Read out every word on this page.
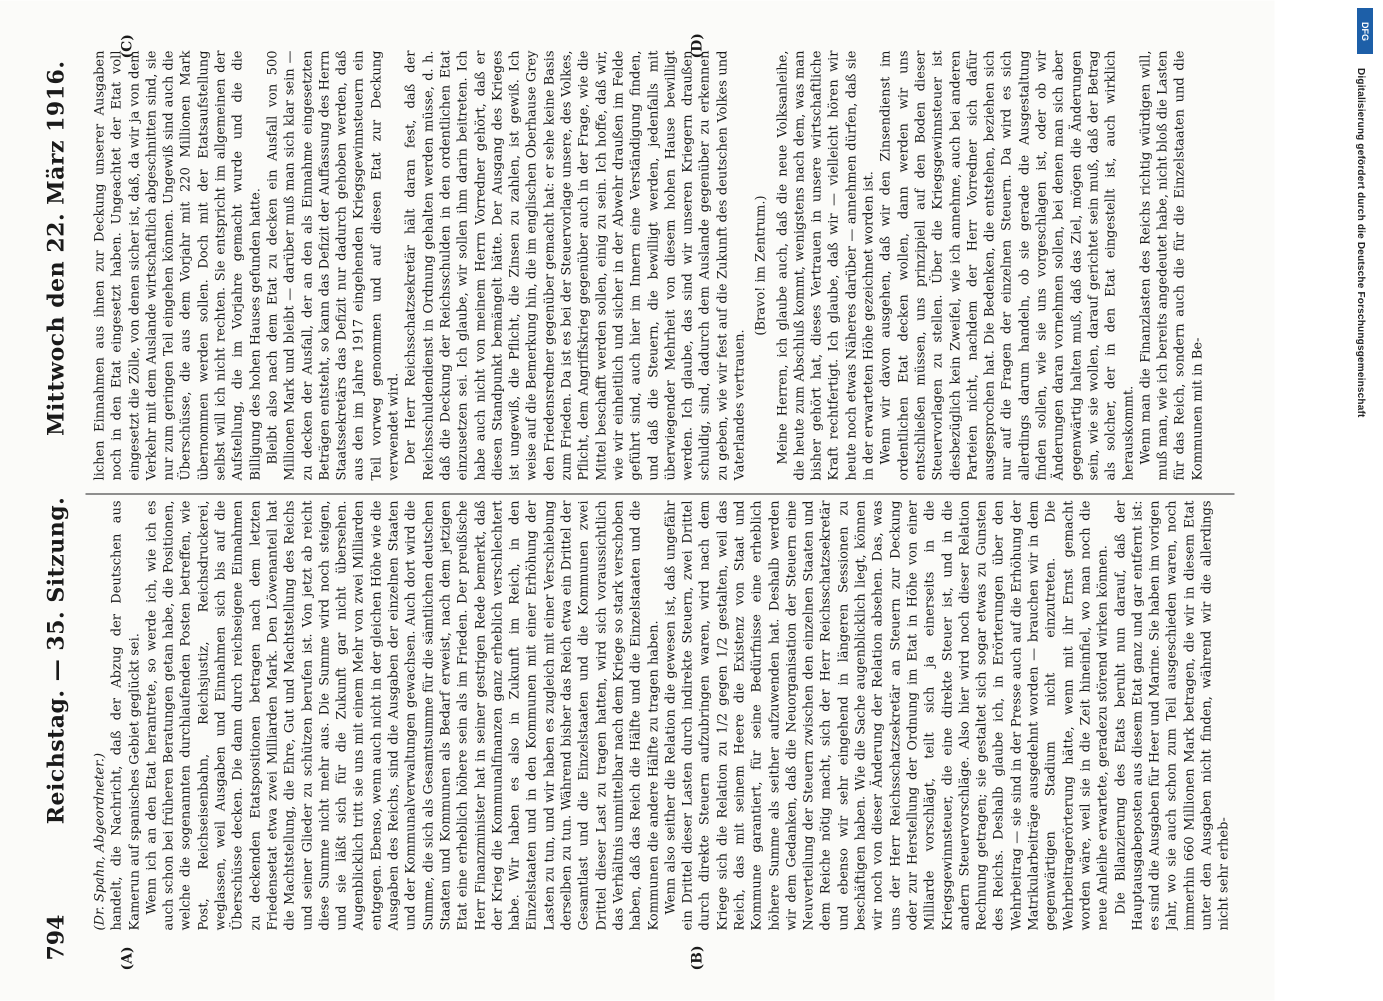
794
Reichstag. — 35. Sitzung.
Mittwoch den 22. März 1916.
(A)	(B)
(C)	(D)

(Dr. Spahn, Abgeordneter.) handelt, die Nachricht, daß der Abzug der Deutschen aus Kamerun auf spanisches Gebiet geglückt sei. Wenn ich an den Etat herantrete, so werde ich, wie ich es auch schon bei früheren Beratungen getan habe, die Positionen, welche die sogenannten durchlaufenden Posten betreffen, wie Post, Reichseisenbahn, Reichsjustiz, Reichsdruckerei, weglassen, weil Ausgaben und Einnahmen sich bis auf die Überschüsse decken. Die dann durch reichseigene Einnahmen zu deckenden Etatspositionen betragen nach dem letzten Friedensetat etwa zwei Milliarden Mark. Den Löwenanteil hat die Machtstellung, die Ehre, Gut und Machtstellung des Reichs und seiner Glieder zu schützen berufen ist. Von jetzt ab reicht diese Summe nicht mehr aus. Die Summe wird noch steigen, und sie läßt sich für die Zukunft gar nicht übersehen. Augenblicklich tritt sie uns mit einem Mehr von zwei Milliarden entgegen. Ebenso, wenn auch nicht in der gleichen Höhe wie die Ausgaben des Reichs, sind die Ausgaben der einzelnen Staaten und der Kommunalverwaltungen gewachsen. Auch dort wird die Summe, die sich als Gesamtsumme für die sämtlichen deutschen Staaten und Kommunen als Bedarf erweist, nach dem jetzigen Etat eine erheblich höhere sein als im Frieden. Der preußische Herr Finanzminister hat in seiner gestrigen Rede bemerkt, daß der Krieg die Kommunalfinanzen ganz erheblich verschlechtert habe. Wir haben es also in Zukunft im Reich, in den Einzelstaaten und in den Kommunen mit einer Erhöhung der Lasten zu tun, und wir haben es zugleich mit einer Verschiebung derselben zu tun. Während bisher das Reich etwa ein Drittel der Gesamtlast und die Einzelstaaten und die Kommunen zwei Drittel dieser Last zu tragen hatten, wird sich voraussichtlich das Verhältnis unmittelbar nach dem Kriege so stark verschoben haben, daß das Reich die Hälfte und die Einzelstaaten und die Kommunen die andere Hälfte zu tragen haben. Wenn also seither die Relation die gewesen ist, daß ungefähr ein Drittel dieser Lasten durch indirekte Steuern, zwei Drittel durch direkte Steuern aufzubringen waren, wird nach dem Kriege sich die Relation zu 1/2 gegen 1/2 gestalten, weil das Reich, das mit seinem Heere die Existenz von Staat und Kommune garantiert, für seine Bedürfnisse eine erheblich höhere Summe als seither aufzuwenden hat. Deshalb werden wir dem Gedanken, daß die Neuorganisation der Steuern eine Neuverteilung der Steuern zwischen den einzelnen Staaten und dem Reiche nötig macht, sich der Herr Reichsschatzsekretär und ebenso wir sehr eingehend in längeren Sessionen zu beschäftigen haben. Wie die Sache augenblicklich liegt, können wir noch von dieser Änderung der Relation absehen. Das, was uns der Herr Reichsschatzsekretär an Steuern zur Deckung oder zur Herstellung der Ordnung im Etat in Höhe von einer Milliarde vorschlägt, teilt sich ja einerseits in die Kriegsgewinnsteuer, die eine direkte Steuer ist, und in die andern Steuervorschläge. Also hier wird noch dieser Relation Rechnung getragen; sie gestaltet sich sogar etwas zu Gunsten des Reichs. Deshalb glaube ich, in Erörterungen über den Wehrbeitrag — sie sind in der Presse auch auf die Erhöhung der Matrikularbeiträge ausgedehnt worden — brauchen wir in dem gegenwärtigen Stadium nicht einzutreten. Die Wehrbeitragerörterung hätte, wenn mit ihr Ernst gemacht worden wäre, weil sie in die Zeit hineinfiel, wo man noch die neue Anleihe erwartete, geradezu störend wirken können. Die Bilanzierung des Etats beruht nun darauf, daß der Hauptausgabeposten aus diesem Etat ganz und gar entfernt ist: es sind die Ausgaben für Heer und Marine. Sie haben im vorigen Jahr, wo sie auch schon zum Teil ausgeschieden waren, noch immerhin 660 Millionen Mark betragen, die wir in diesem Etat unter den Ausgaben nicht finden, während wir die allerdings nicht sehr erheb-

lichen Einnahmen aus ihnen zur Deckung unserer Ausgaben noch in den Etat eingesetzt haben. Ungeachtet der Etat voll eingesetzt die Zölle, von denen sicher ist, daß, da wir ja von dem Verkehr mit dem Auslande wirtschaftlich abgeschnitten sind, sie nur zum geringen Teil eingehen können. Ungewiß sind auch die Überschüsse, die aus dem Vorjahr mit 220 Millionen Mark übernommen werden sollen. Doch mit der Etatsaufstellung selbst will ich nicht rechten. Sie entspricht im allgemeinen der Aufstellung, die im Vorjahre gemacht wurde und die die Billigung des hohen Hauses gefunden hatte. Bleibt also nach dem Etat zu decken ein Ausfall von 500 Millionen Mark und bleibt — darüber muß man sich klar sein — zu decken der Ausfall, der an den als Einnahme eingesetzten Beträgen entsteht, so kann das Defizit der Auffassung des Herrn Staatssekretärs das Defizit nur dadurch gehoben werden, daß aus den im Jahre 1917 eingehenden Kriegsgewinnsteuern ein Teil vorweg genommen und auf diesen Etat zur Deckung verwendet wird. Der Herr Reichsschatzsekretär hält daran fest, daß der Reichsschuldendienst in Ordnung gehalten werden müsse, d. h. daß die Deckung der Reichsschulden in den ordentlichen Etat einzusetzen sei. Ich glaube, wir sollen ihm darin beitreten. Ich habe auch nicht von meinem Herrn Vorredner gehört, daß er diesen Standpunkt bemängelt hätte. Der Ausgang des Krieges ist ungewiß, die Pflicht, die Zinsen zu zahlen, ist gewiß. Ich weise auf die Bemerkung hin, die im englischen Oberhause Grey den Friedensredner gegenüber gemacht hat: er sehe keine Basis zum Frieden. Da ist es bei der Steuervorlage unsere, des Volkes, Pflicht, dem Angriffskrieg gegenüber auch in der Frage, wie die Mittel beschafft werden sollen, einig zu sein. Ich hoffe, daß wir, wie wir einheitlich und sicher in der Abwehr draußen im Felde geführt sind, auch hier im Innern eine Verständigung finden, und daß die Steuern, die bewilligt werden, jedenfalls mit überwiegender Mehrheit von diesem hohen Hause bewilligt werden. Ich glaube, das sind wir unseren Kriegern draußen schuldig, sind, dadurch dem Auslande gegenüber zu erkennen zu geben, wie wir fest auf die Zukunft des deutschen Volkes und Vaterlandes vertrauen.

(Bravo! im Zentrum.) Meine Herren, ich glaube auch, daß die neue Volksanleihe, die heute zum Abschluß kommt, wenigstens nach dem, was man bisher gehört hat, dieses Vertrauen in unsere wirtschaftliche Kraft rechtfertigt. Ich glaube, daß wir — vielleicht hören wir heute noch etwas Näheres darüber — annehmen dürfen, daß sie in der erwarteten Höhe gezeichnet worden ist. Wenn wir davon ausgehen, daß wir den Zinsendienst im ordentlichen Etat decken wollen, dann werden wir uns entschließen müssen, uns prinzipiell auf den Boden dieser Steuervorlagen zu stellen. Über die Kriegsgewinnsteuer ist diesbezüglich kein Zweifel, wie ich annehme, auch bei anderen Parteien nicht, nachdem der Herr Vorredner sich dafür ausgesprochen hat. Die Bedenken, die entstehen, beziehen sich nur auf die Fragen der einzelnen Steuern. Da wird es sich allerdings darum handeln, ob sie gerade die Ausgestaltung finden sollen, wie sie uns vorgeschlagen ist, oder ob wir Änderungen daran vornehmen sollen, bei denen man sich aber gegenwärtig halten muß, daß das Ziel, mögen die Änderungen sein, wie sie wollen, darauf gerichtet sein muß, daß der Betrag als solcher, der in den Etat eingestellt ist, auch wirklich herauskommt. Wenn man die Finanzlasten des Reichs richtig würdigen will, muß man, wie ich bereits angedeutet habe, nicht bloß die Lasten für das Reich, sondern auch die für die Einzelstaaten und die Kommunen mit in Be-

DFG
Digitalisierung gefördert durch die Deutsche Forschungsgemeinschaft
